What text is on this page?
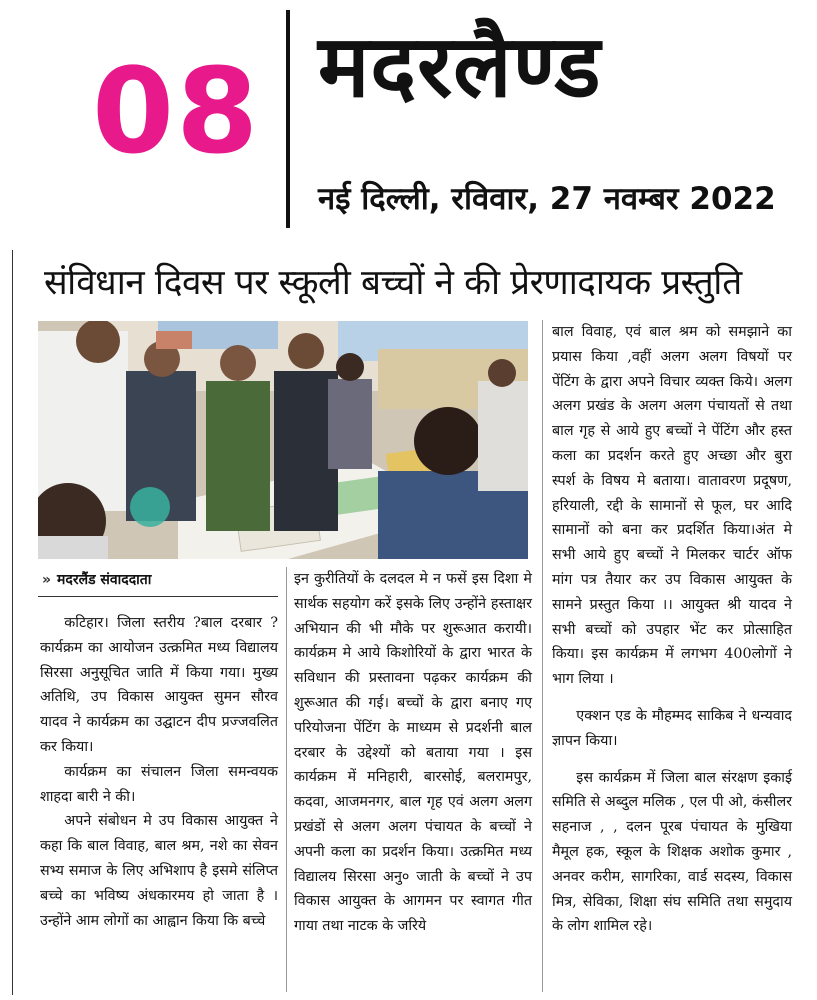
08 मदरलैण्ड
नई दिल्ली, रविवार, 27 नवम्बर 2022
संविधान दिवस पर स्कूली बच्चों ने की प्रेरणादायक प्रस्तुति
» मदरलैंड संवाददाता

कटिहार। जिला स्तरीय ?बाल दरबार ?कार्यक्रम का आयोजन उत्क्रमित मध्य विद्यालय सिरसा अनुसूचित जाति में किया गया। मुख्य अतिथि, उप विकास आयुक्त सुमन सौरव यादव ने कार्यक्रम का उद्घाटन दीप प्रज्जवलित कर किया।

कार्यक्रम का संचालन जिला समन्वयक शाहदा बारी ने की।

अपने संबोधन मे उप विकास आयुक्त ने कहा कि बाल विवाह, बाल श्रम, नशे का सेवन सभ्य समाज के लिए अभिशाप है इसमे संलिप्त बच्चे का भविष्य अंधकारमय हो जाता है ।उन्होंने आम लोगों का आह्वान किया कि बच्चे

इन कुरीतियों के दलदल मे न फसें इस दिशा मे सार्थक सहयोग करें इसके लिए उन्होंने हस्ताक्षर अभियान की भी मौके पर शुरूआत करायी। कार्यक्रम मे आये किशोरियों के द्वारा भारत के सविधान की प्रस्तावना पढ़कर कार्यक्रम की शुरूआत की गई। बच्चों के द्वारा बनाए गए परियोजना पेंटिंग के माध्यम से प्रदर्शनी बाल दरबार के उद्देश्यों को बताया गया । इस कार्यक्रम में मनिहारी, बारसोई, बलरामपुर, कदवा, आजमनगर, बाल गृह एवं अलग अलग प्रखंडों से अलग अलग पंचायत के बच्चों ने अपनी कला का प्रदर्शन किया। उत्क्रमित मध्य विद्यालय सिरसा अनु० जाती के बच्चों ने उप विकास आयुक्त के आगमन पर स्वागत गीत गाया तथा नाटक के जरिये

बाल विवाह, एवं बाल श्रम को समझाने का प्रयास किया ,वहीं अलग अलग विषयों पर पेंटिंग के द्वारा अपने विचार व्यक्त किये। अलग अलग प्रखंड के अलग अलग पंचायतों से तथा बाल गृह से आये हुए बच्चों ने पेंटिंग और हस्त कला का प्रदर्शन करते हुए अच्छा और बुरा स्पर्श के विषय मे बताया। वातावरण प्रदूषण, हरियाली, रद्दी के सामानों से फूल, घर आदि सामानों को बना कर प्रदर्शित किया।अंत मे सभी आये हुए बच्चों ने मिलकर चार्टर ऑफ मांग पत्र तैयार कर उप विकास आयुक्त के सामने प्रस्तुत किया ।। आयुक्त श्री यादव ने सभी बच्चों को उपहार भेंट कर प्रोत्साहित किया। इस कार्यक्रम में लगभग 400लोगों ने भाग लिया ।

एक्शन एड के मौहम्मद साकिब ने धन्यवाद ज्ञापन किया।

इस कार्यक्रम में जिला बाल संरक्षण इकाई समिति से अब्दुल मलिक , एल पी ओ, कंसीलर सहनाज , , दलन पूरब पंचायत के मुखिया मैमूल हक, स्कूल के शिक्षक अशोक कुमार , अनवर करीम, सागरिका, वार्ड सदस्य, विकास मित्र, सेविका, शिक्षा संघ समिति तथा समुदाय के लोग शामिल रहे।
